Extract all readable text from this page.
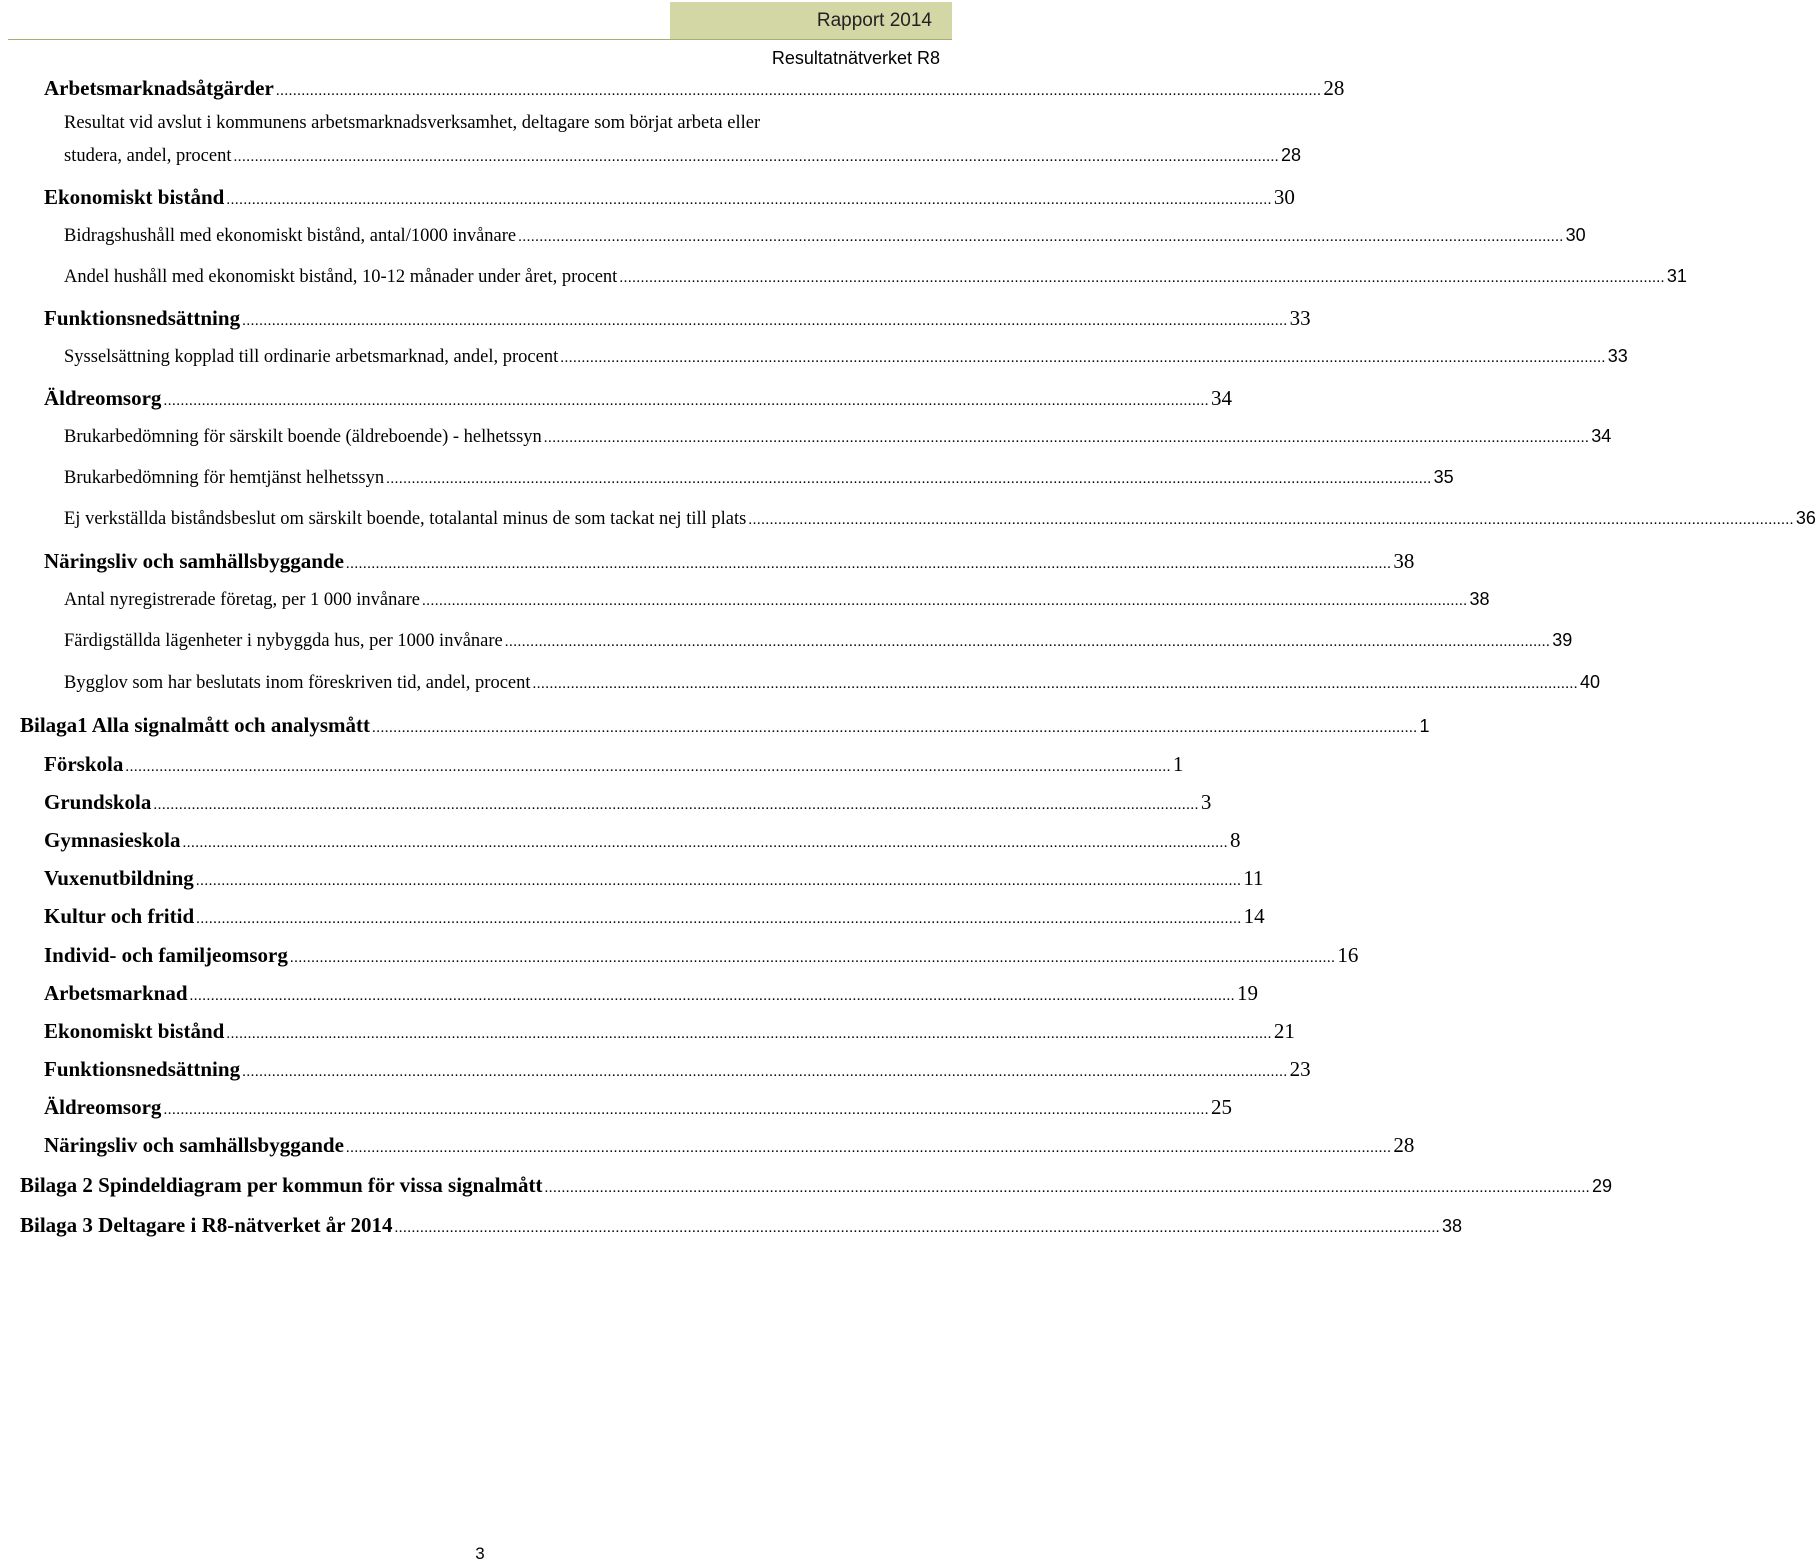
Rapport 2014
Resultatnätverket R8
Arbetsmarknadsåtgärder .....	28
Resultat vid avslut i kommunens arbetsmarknadsverksamhet, deltagare som börjat arbeta eller
studera, andel, procent .....	28
Ekonomiskt bistånd .....	30
Bidragshushåll med ekonomiskt bistånd, antal/1000 invånare .....	30
Andel hushåll med ekonomiskt bistånd, 10-12 månader under året, procent .....	31
Funktionsnedsättning .....	33
Sysselsättning kopplad till ordinarie arbetsmarknad, andel, procent .....	33
Äldreomsorg .....	34
Brukarbedömning för särskilt boende (äldreboende) - helhetssyn .....	34
Brukarbedömning för hemtjänst helhetssyn .....	35
Ej verkställda biståndsbeslut om särskilt boende, totalantal minus de som tackat nej till plats .....	36
Näringsliv och samhällsbyggande .....	38
Antal nyregistrerade företag, per 1 000 invånare .....	38
Färdigställda lägenheter i nybyggda hus, per 1000 invånare .....	39
Bygglov som har beslutats inom föreskriven tid, andel, procent .....	40
Bilaga1 Alla signalmått och analysmått .....	1
Förskola .....	1
Grundskola .....	3
Gymnasieskola .....	8
Vuxenutbildning .....	11
Kultur och fritid .....	14
Individ- och familjeomsorg .....	16
Arbetsmarknad .....	19
Ekonomiskt bistånd .....	21
Funktionsnedsättning .....	23
Äldreomsorg .....	25
Näringsliv och samhällsbyggande .....	28
Bilaga 2 Spindeldiagram per kommun för vissa signalmått .....	29
Bilaga 3 Deltagare i R8-nätverket år 2014 .....	38
3
